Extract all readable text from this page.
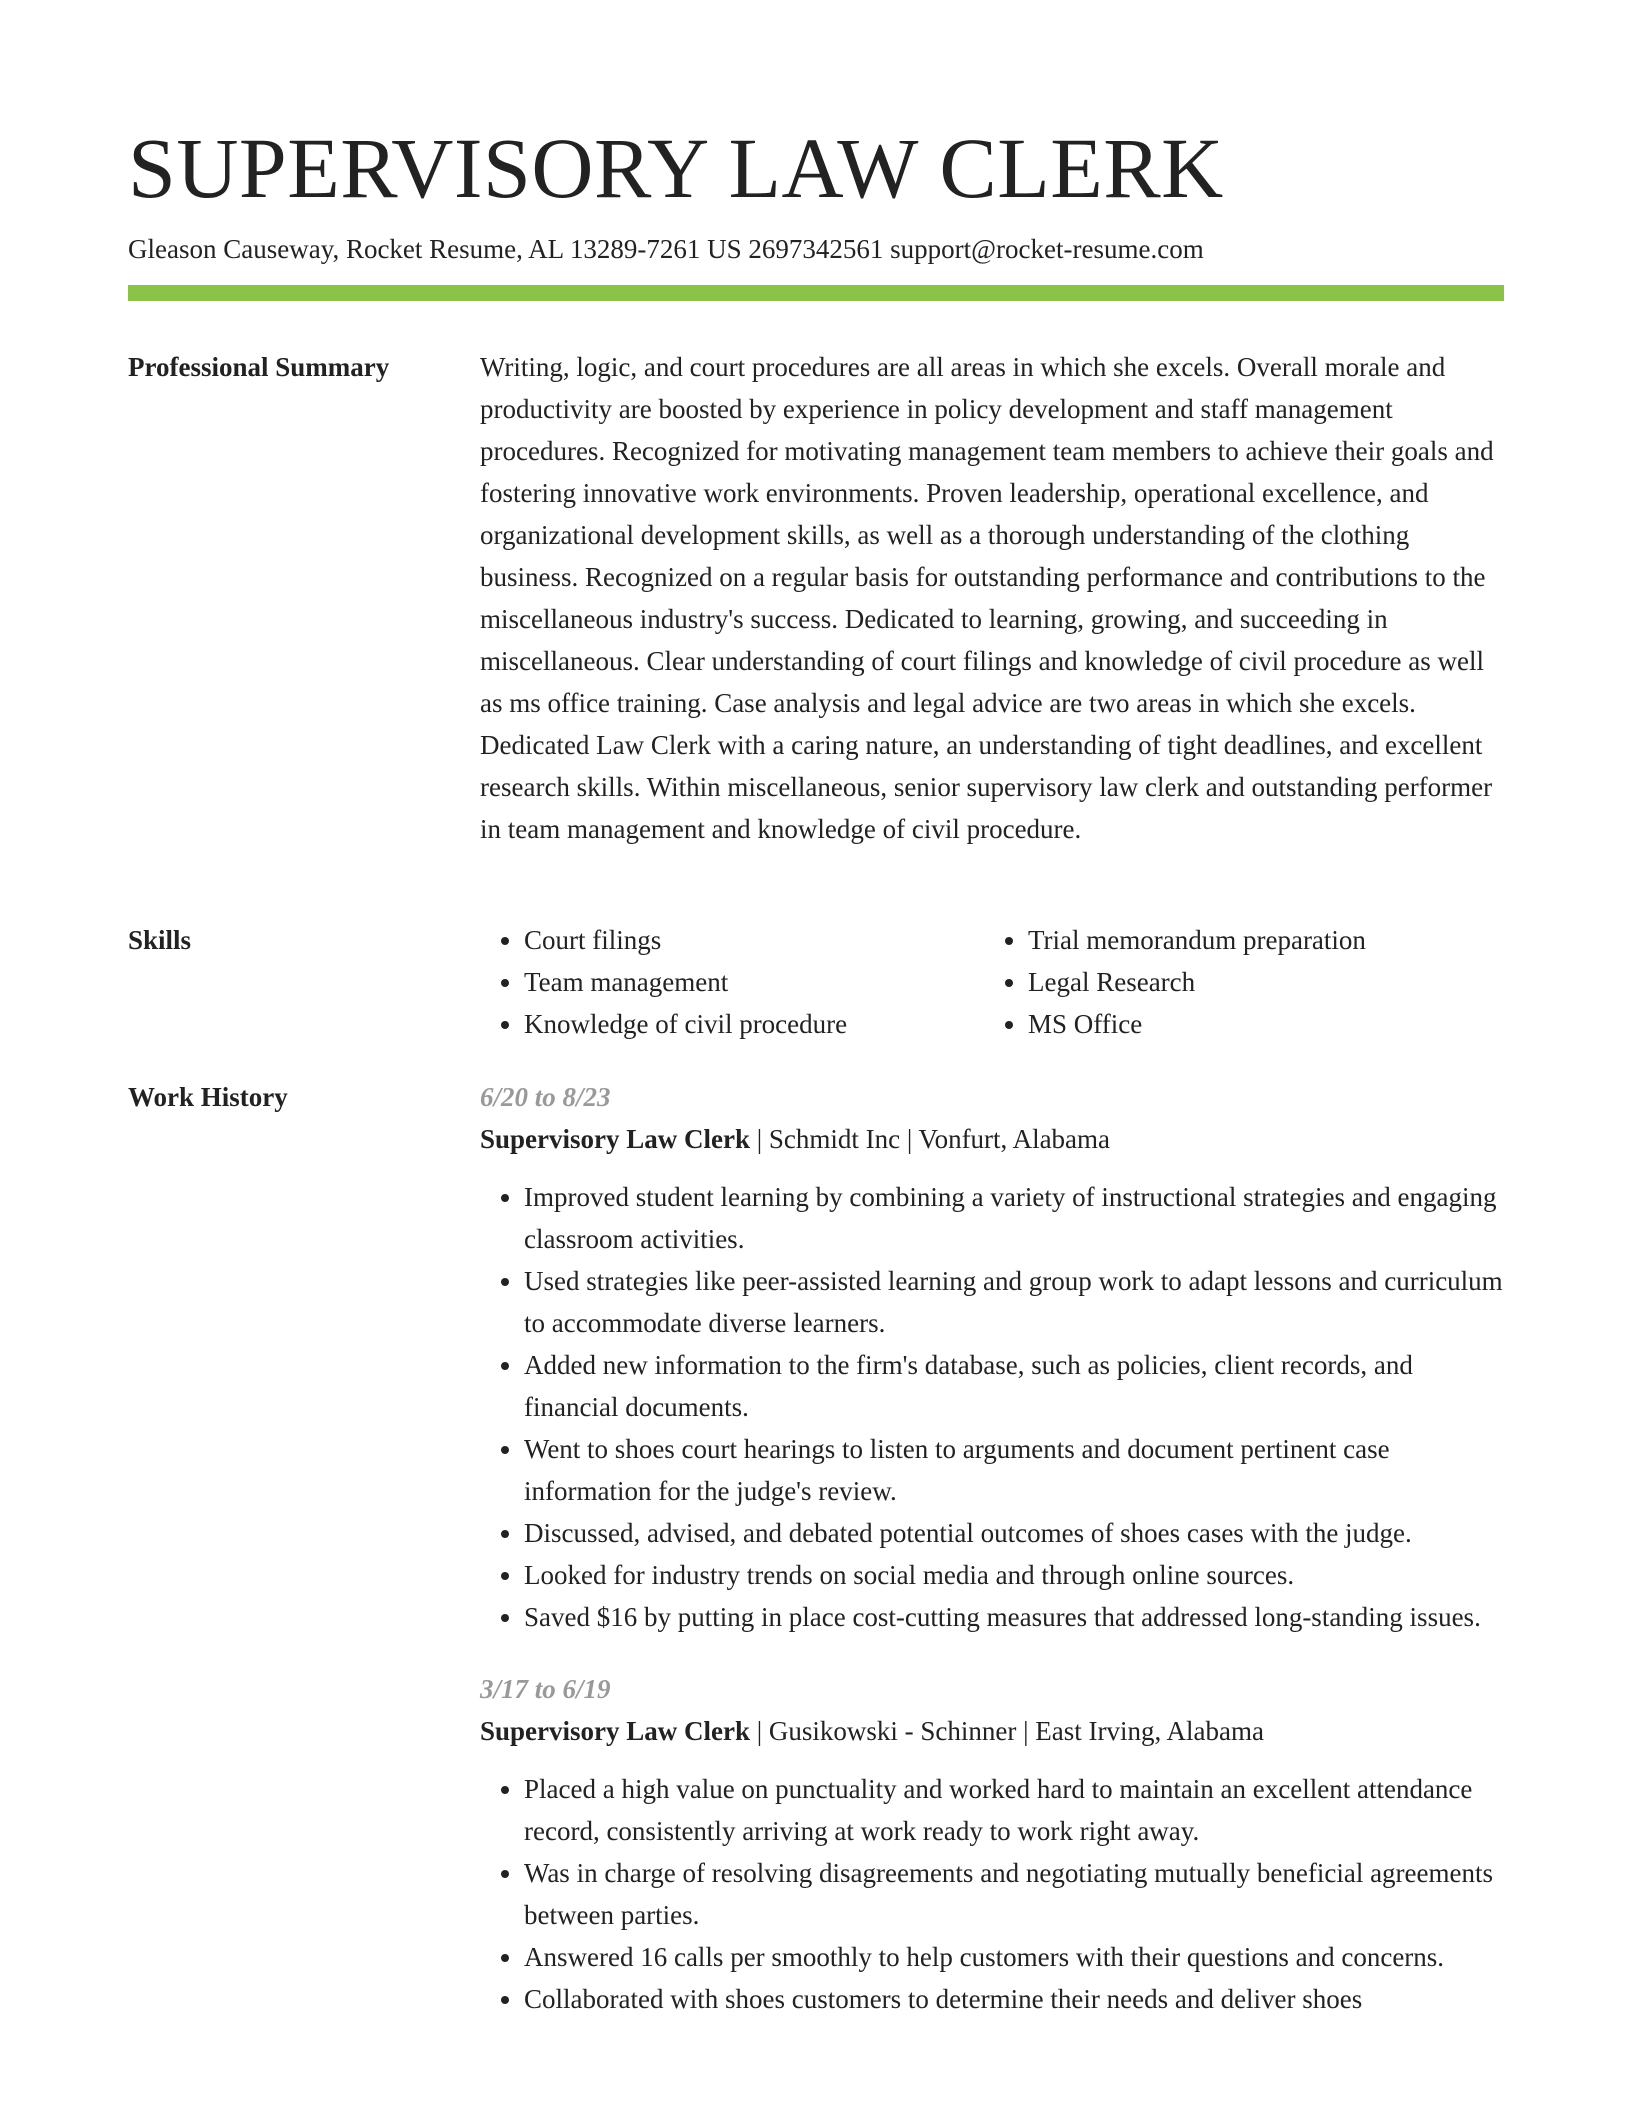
SUPERVISORY LAW CLERK
Gleason Causeway, Rocket Resume, AL 13289-7261 US 2697342561 support@rocket-resume.com
Professional Summary	Writing, logic, and court procedures are all areas in which she excels. Overall morale and productivity are boosted by experience in policy development and staff management procedures. Recognized for motivating management team members to achieve their goals and fostering innovative work environments. Proven leadership, operational excellence, and organizational development skills, as well as a thorough understanding of the clothing business. Recognized on a regular basis for outstanding performance and contributions to the miscellaneous industry's success. Dedicated to learning, growing, and succeeding in miscellaneous. Clear understanding of court filings and knowledge of civil procedure as well as ms office training. Case analysis and legal advice are two areas in which she excels. Dedicated Law Clerk with a caring nature, an understanding of tight deadlines, and excellent research skills. Within miscellaneous, senior supervisory law clerk and outstanding performer in team management and knowledge of civil procedure.

Skills
•	Court filings
• Team management
• Knowledge of civil procedure
• Trial memorandum preparation
• Legal Research
• MS Office
Work History	6/20 to 8/23

Supervisory Law Clerk | Schmidt Inc | Vonfurt, Alabama

• Improved student learning by combining a variety of instructional strategies and engaging classroom activities.
• Used strategies like peer-assisted learning and group work to adapt lessons and curriculum to accommodate diverse learners.
• Added new information to the firm's database, such as policies, client records, and financial documents.
• Went to shoes court hearings to listen to arguments and document pertinent case information for the judge's review.
• Discussed, advised, and debated potential outcomes of shoes cases with the judge.
• Looked for industry trends on social media and through online sources.
• Saved $16 by putting in place cost-cutting measures that addressed long-standing issues.

3/17 to 6/19

Supervisory Law Clerk | Gusikowski - Schinner | East Irving, Alabama

• Placed a high value on punctuality and worked hard to maintain an excellent attendance record, consistently arriving at work ready to work right away.
• Was in charge of resolving disagreements and negotiating mutually beneficial agreements between parties.
• Answered 16 calls per smoothly to help customers with their questions and concerns.
• Collaborated with shoes customers to determine their needs and deliver shoes
